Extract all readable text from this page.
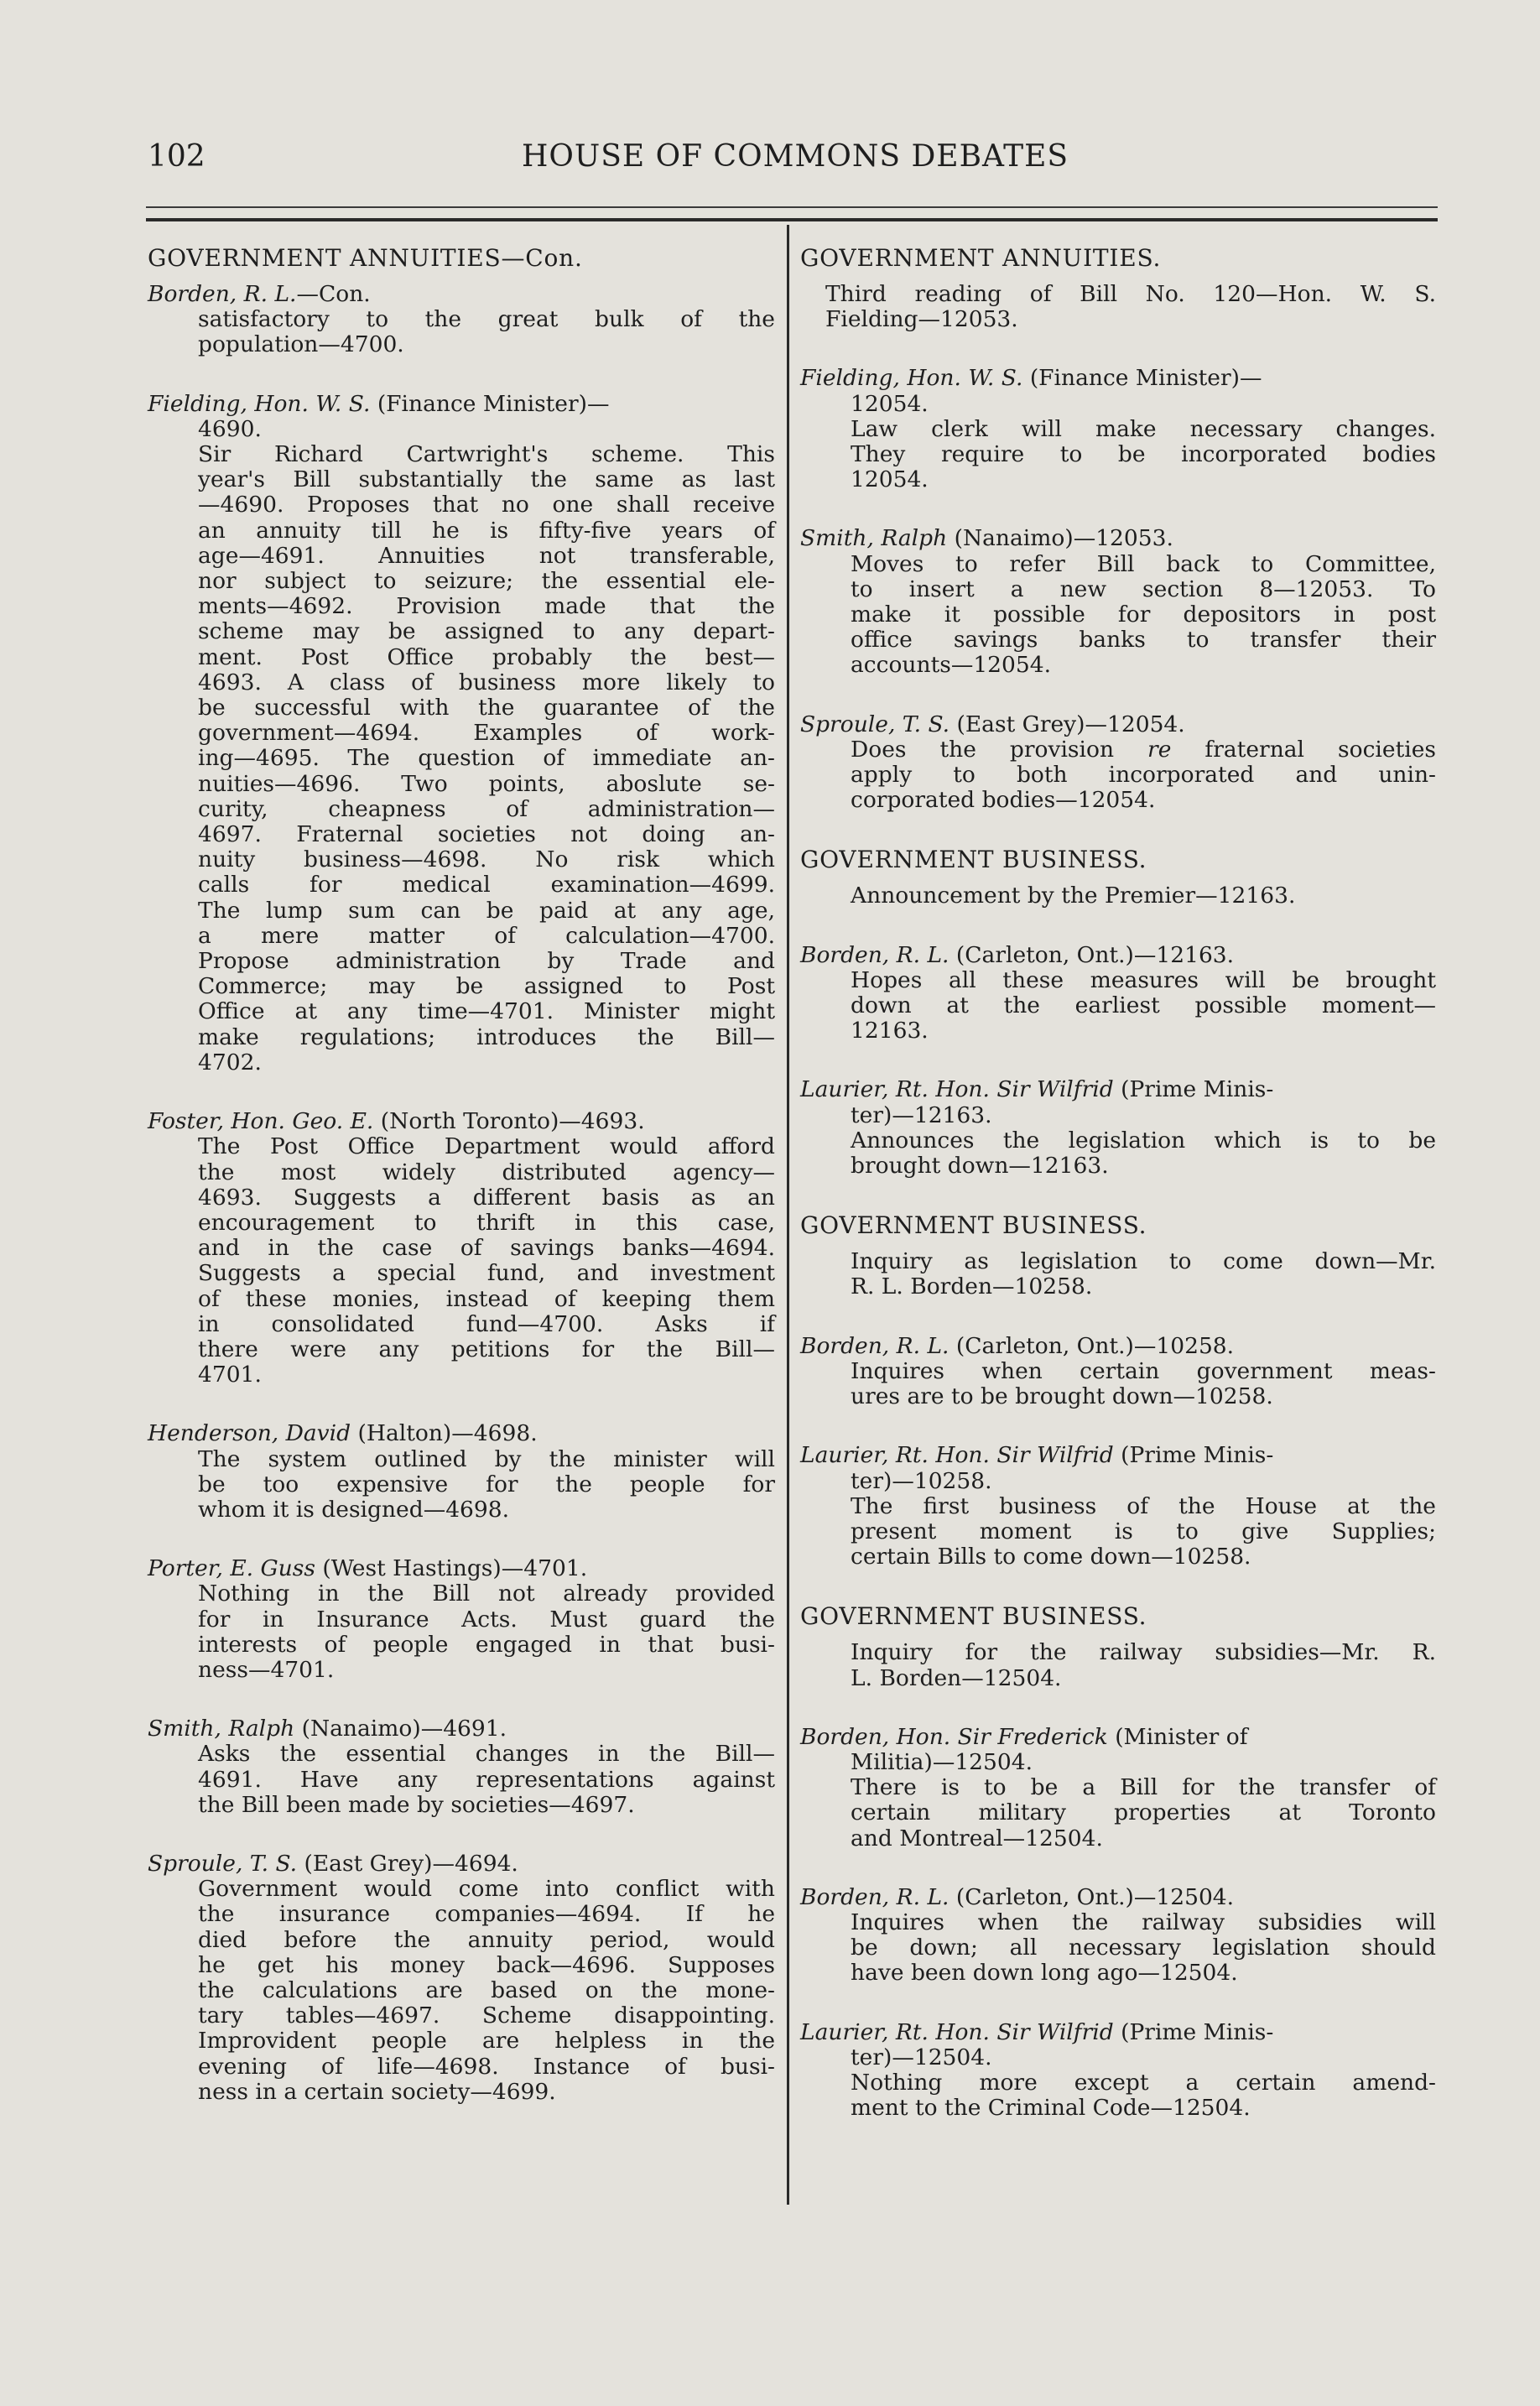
102	HOUSE OF COMMONS DEBATES
GOVERNMENT ANNUITIES—Con.
Borden, R. L.—Con.
satisfactory to the great bulk of the
population—4700.
Fielding, Hon. W. S. (Finance Minister)—
4690.
Sir Richard Cartwright's scheme. This
year's Bill substantially the same as last
—4690. Proposes that no one shall receive
an annuity till he is fifty-five years of
age—4691. Annuities not transferable,
nor subject to seizure; the essential ele-
ments—4692. Provision made that the
scheme may be assigned to any depart-
ment. Post Office probably the best—
4693. A class of business more likely to
be successful with the guarantee of the
government—4694. Examples of work-
ing—4695. The question of immediate an-
nuities—4696. Two points, aboslute se-
curity, cheapness of administration—
4697. Fraternal societies not doing an-
nuity business—4698. No risk which
calls for medical examination—4699.
The lump sum can be paid at any age,
a mere matter of calculation—4700.
Propose administration by Trade and
Commerce; may be assigned to Post
Office at any time—4701. Minister might
make regulations; introduces the Bill—
4702.
Foster, Hon. Geo. E. (North Toronto)—4693.
The Post Office Department would afford
the most widely distributed agency—
4693. Suggests a different basis as an
encouragement to thrift in this case,
and in the case of savings banks—4694.
Suggests a special fund, and investment
of these monies, instead of keeping them
in consolidated fund—4700. Asks if
there were any petitions for the Bill—
4701.
Henderson, David (Halton)—4698.
The system outlined by the minister will
be too expensive for the people for
whom it is designed—4698.
Porter, E. Guss (West Hastings)—4701.
Nothing in the Bill not already provided
for in Insurance Acts. Must guard the
interests of people engaged in that busi-
ness—4701.
Smith, Ralph (Nanaimo)—4691.
Asks the essential changes in the Bill—
4691. Have any representations against
the Bill been made by societies—4697.
Sproule, T. S. (East Grey)—4694.
Government would come into conflict with
the insurance companies—4694. If he
died before the annuity period, would
he get his money back—4696. Supposes
the calculations are based on the mone-
tary tables—4697. Scheme disappointing.
Improvident people are helpless in the
evening of life—4698. Instance of busi-
ness in a certain society—4699.
GOVERNMENT ANNUITIES.
Third reading of Bill No. 120—Hon. W. S.
Fielding—12053.
Fielding, Hon. W. S. (Finance Minister)—
12054.
Law clerk will make necessary changes.
They require to be incorporated bodies
12054.
Smith, Ralph (Nanaimo)—12053.
Moves to refer Bill back to Committee,
to insert a new section 8—12053. To
make it possible for depositors in post
office savings banks to transfer their
accounts—12054.
Sproule, T. S. (East Grey)—12054.
Does the provision re fraternal societies
apply to both incorporated and unin-
corporated bodies—12054.
GOVERNMENT BUSINESS.
Announcement by the Premier—12163.
Borden, R. L. (Carleton, Ont.)—12163.
Hopes all these measures will be brought
down at the earliest possible moment—
12163.
Laurier, Rt. Hon. Sir Wilfrid (Prime Minis-
ter)—12163.
Announces the legislation which is to be
brought down—12163.
GOVERNMENT BUSINESS.
Inquiry as legislation to come down—Mr.
R. L. Borden—10258.
Borden, R. L. (Carleton, Ont.)—10258.
Inquires when certain government meas-
ures are to be brought down—10258.
Laurier, Rt. Hon. Sir Wilfrid (Prime Minis-
ter)—10258.
The first business of the House at the
present moment is to give Supplies;
certain Bills to come down—10258.
GOVERNMENT BUSINESS.
Inquiry for the railway subsidies—Mr. R.
L. Borden—12504.
Borden, Hon. Sir Frederick (Minister of
Militia)—12504.
There is to be a Bill for the transfer of
certain military properties at Toronto
and Montreal—12504.
Borden, R. L. (Carleton, Ont.)—12504.
Inquires when the railway subsidies will
be down; all necessary legislation should
have been down long ago—12504.
Laurier, Rt. Hon. Sir Wilfrid (Prime Minis-
ter)—12504.
Nothing more except a certain amend-
ment to the Criminal Code—12504.
